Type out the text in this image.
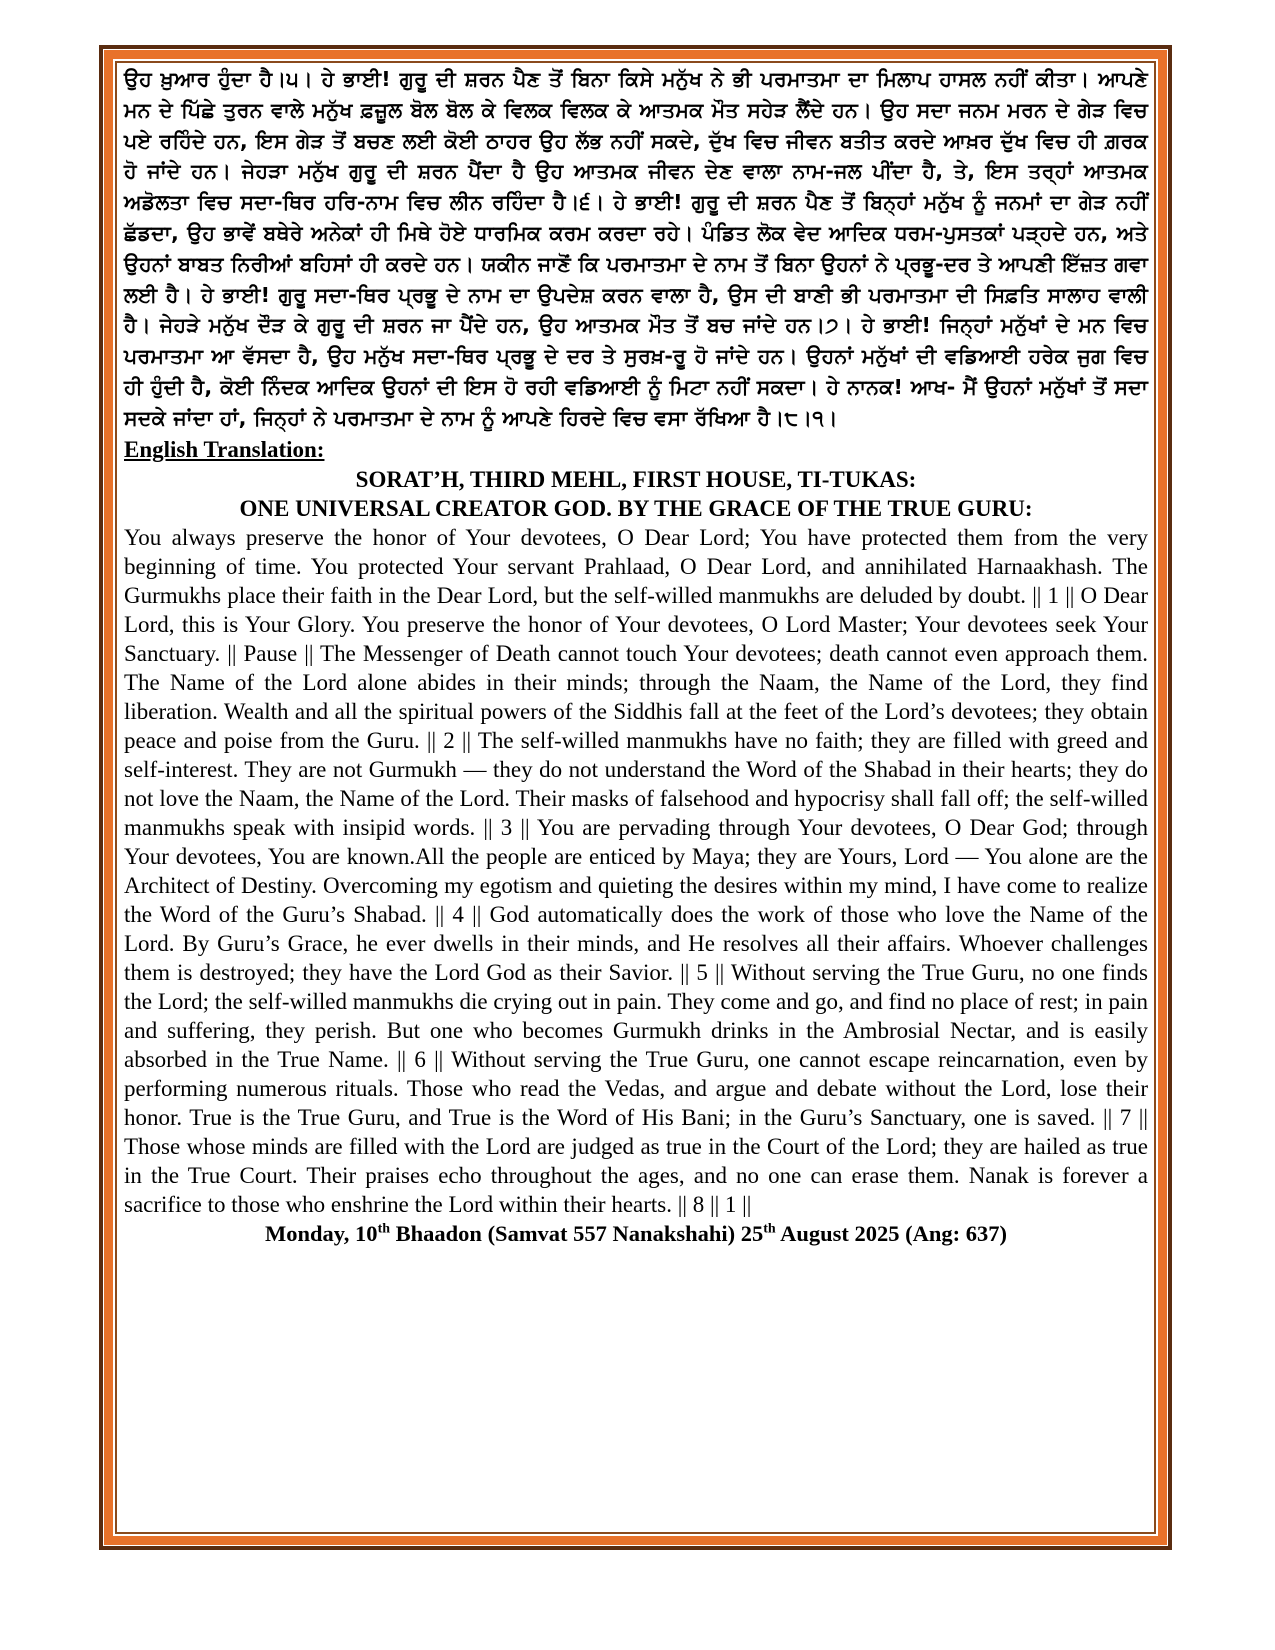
ਉਹ ਖ਼ੁਆਰ ਹੁੰਦਾ ਹੈ।੫। ਹੇ ਭਾਈ! ਗੁਰੂ ਦੀ ਸ਼ਰਨ ਪੈਣ ਤੋਂ ਬਿਨਾ ਕਿਸੇ ਮਨੁੱਖ ਨੇ ਭੀ ਪਰਮਾਤਮਾ ਦਾ ਮਿਲਾਪ ਹਾਸਲ ਨਹੀਂ ਕੀਤਾ। ਆਪਣੇ ਮਨ ਦੇ ਪਿੱਛੇ ਤੁਰਨ ਵਾਲੇ ਮਨੁੱਖ ਫ਼ਜ਼ੂਲ ਬੋਲ ਬੋਲ ਕੇ ਵਿਲਕ ਵਿਲਕ ਕੇ ਆਤਮਕ ਮੌਤ ਸਹੇੜ ਲੈਂਦੇ ਹਨ। ਉਹ ਸਦਾ ਜਨਮ ਮਰਨ ਦੇ ਗੇੜ ਵਿਚ ਪਏ ਰਹਿੰਦੇ ਹਨ, ਇਸ ਗੇੜ ਤੋਂ ਬਚਣ ਲਈ ਕੋਈ ਠਾਹਰ ਉਹ ਲੱਭ ਨਹੀਂ ਸਕਦੇ, ਦੁੱਖ ਵਿਚ ਜੀਵਨ ਬਤੀਤ ਕਰਦੇ ਆਖ਼ਰ ਦੁੱਖ ਵਿਚ ਹੀ ਗ਼ਰਕ ਹੋ ਜਾਂਦੇ ਹਨ। ਜੇਹੜਾ ਮਨੁੱਖ ਗੁਰੂ ਦੀ ਸ਼ਰਨ ਪੈਂਦਾ ਹੈ ਉਹ ਆਤਮਕ ਜੀਵਨ ਦੇਣ ਵਾਲਾ ਨਾਮ-ਜਲ ਪੀਂਦਾ ਹੈ, ਤੇ, ਇਸ ਤਰ੍ਹਾਂ ਆਤਮਕ ਅਡੋਲਤਾ ਵਿਚ ਸਦਾ-ਥਿਰ ਹਰਿ-ਨਾਮ ਵਿਚ ਲੀਨ ਰਹਿੰਦਾ ਹੈ।੬। ਹੇ ਭਾਈ! ਗੁਰੂ ਦੀ ਸ਼ਰਨ ਪੈਣ ਤੋਂ ਬਿਨ੍ਹਾਂ ਮਨੁੱਖ ਨੂੰ ਜਨਮਾਂ ਦਾ ਗੇੜ ਨਹੀਂ ਛੱਡਦਾ, ਉਹ ਭਾਵੇਂ ਬਥੇਰੇ ਅਨੇਕਾਂ ਹੀ ਮਿਥੇ ਹੋਏ ਧਾਰਮਿਕ ਕਰਮ ਕਰਦਾ ਰਹੇ। ਪੰਡਿਤ ਲੋਕ ਵੇਦ ਆਦਿਕ ਧਰਮ-ਪੁਸਤਕਾਂ ਪੜ੍ਹਦੇ ਹਨ, ਅਤੇ ਉਹਨਾਂ ਬਾਬਤ ਨਿਰੀਆਂ ਬਹਿਸਾਂ ਹੀ ਕਰਦੇ ਹਨ। ਯਕੀਨ ਜਾਣੋਂ ਕਿ ਪਰਮਾਤਮਾ ਦੇ ਨਾਮ ਤੋਂ ਬਿਨਾ ਉਹਨਾਂ ਨੇ ਪ੍ਰਭੂ-ਦਰ ਤੇ ਆਪਣੀ ਇੱਜ਼ਤ ਗਵਾ ਲਈ ਹੈ। ਹੇ ਭਾਈ! ਗੁਰੂ ਸਦਾ-ਥਿਰ ਪ੍ਰਭੂ ਦੇ ਨਾਮ ਦਾ ਉਪਦੇਸ਼ ਕਰਨ ਵਾਲਾ ਹੈ, ਉਸ ਦੀ ਬਾਣੀ ਭੀ ਪਰਮਾਤਮਾ ਦੀ ਸਿਫ਼ਤਿ ਸਾਲਾਹ ਵਾਲੀ ਹੈ। ਜੇਹੜੇ ਮਨੁੱਖ ਦੌੜ ਕੇ ਗੁਰੂ ਦੀ ਸ਼ਰਨ ਜਾ ਪੈਂਦੇ ਹਨ, ਉਹ ਆਤਮਕ ਮੌਤ ਤੋਂ ਬਚ ਜਾਂਦੇ ਹਨ।੭। ਹੇ ਭਾਈ! ਜਿਨ੍ਹਾਂ ਮਨੁੱਖਾਂ ਦੇ ਮਨ ਵਿਚ ਪਰਮਾਤਮਾ ਆ ਵੱਸਦਾ ਹੈ, ਉਹ ਮਨੁੱਖ ਸਦਾ-ਥਿਰ ਪ੍ਰਭੂ ਦੇ ਦਰ ਤੇ ਸੁਰਖ਼-ਰੂ ਹੋ ਜਾਂਦੇ ਹਨ। ਉਹਨਾਂ ਮਨੁੱਖਾਂ ਦੀ ਵਡਿਆਈ ਹਰੇਕ ਜੁਗ ਵਿਚ ਹੀ ਹੁੰਦੀ ਹੈ, ਕੋਈ ਨਿੰਦਕ ਆਦਿਕ ਉਹਨਾਂ ਦੀ ਇਸ ਹੋ ਰਹੀ ਵਡਿਆਈ ਨੂੰ ਮਿਟਾ ਨਹੀਂ ਸਕਦਾ। ਹੇ ਨਾਨਕ! ਆਖ- ਮੈਂ ਉਹਨਾਂ ਮਨੁੱਖਾਂ ਤੋਂ ਸਦਾ ਸਦਕੇ ਜਾਂਦਾ ਹਾਂ, ਜਿਨ੍ਹਾਂ ਨੇ ਪਰਮਾਤਮਾ ਦੇ ਨਾਮ ਨੂੰ ਆਪਣੇ ਹਿਰਦੇ ਵਿਚ ਵਸਾ ਰੱਖਿਆ ਹੈ।੮।੧।
English Translation:
SORAT’H, THIRD MEHL, FIRST HOUSE, TI-TUKAS:
ONE UNIVERSAL CREATOR GOD. BY THE GRACE OF THE TRUE GURU:
You always preserve the honor of Your devotees, O Dear Lord; You have protected them from the very beginning of time. You protected Your servant Prahlaad, O Dear Lord, and annihilated Harnaakhash. The Gurmukhs place their faith in the Dear Lord, but the self-willed manmukhs are deluded by doubt. || 1 || O Dear Lord, this is Your Glory. You preserve the honor of Your devotees, O Lord Master; Your devotees seek Your Sanctuary. || Pause || The Messenger of Death cannot touch Your devotees; death cannot even approach them. The Name of the Lord alone abides in their minds; through the Naam, the Name of the Lord, they find liberation. Wealth and all the spiritual powers of the Siddhis fall at the feet of the Lord’s devotees; they obtain peace and poise from the Guru. || 2 || The self-willed manmukhs have no faith; they are filled with greed and self-interest. They are not Gurmukh — they do not understand the Word of the Shabad in their hearts; they do not love the Naam, the Name of the Lord. Their masks of falsehood and hypocrisy shall fall off; the self-willed manmukhs speak with insipid words. || 3 || You are pervading through Your devotees, O Dear God; through Your devotees, You are known.All the people are enticed by Maya; they are Yours, Lord — You alone are the Architect of Destiny. Overcoming my egotism and quieting the desires within my mind, I have come to realize the Word of the Guru’s Shabad. || 4 || God automatically does the work of those who love the Name of the Lord. By Guru’s Grace, he ever dwells in their minds, and He resolves all their affairs. Whoever challenges them is destroyed; they have the Lord God as their Savior. || 5 || Without serving the True Guru, no one finds the Lord; the self-willed manmukhs die crying out in pain. They come and go, and find no place of rest; in pain and suffering, they perish. But one who becomes Gurmukh drinks in the Ambrosial Nectar, and is easily absorbed in the True Name. || 6 || Without serving the True Guru, one cannot escape reincarnation, even by performing numerous rituals. Those who read the Vedas, and argue and debate without the Lord, lose their honor. True is the True Guru, and True is the Word of His Bani; in the Guru’s Sanctuary, one is saved. || 7 || Those whose minds are filled with the Lord are judged as true in the Court of the Lord; they are hailed as true in the True Court. Their praises echo throughout the ages, and no one can erase them. Nanak is forever a sacrifice to those who enshrine the Lord within their hearts. || 8 || 1 ||
Monday, 10th Bhaadon (Samvat 557 Nanakshahi) 25th August 2025 (Ang: 637)
